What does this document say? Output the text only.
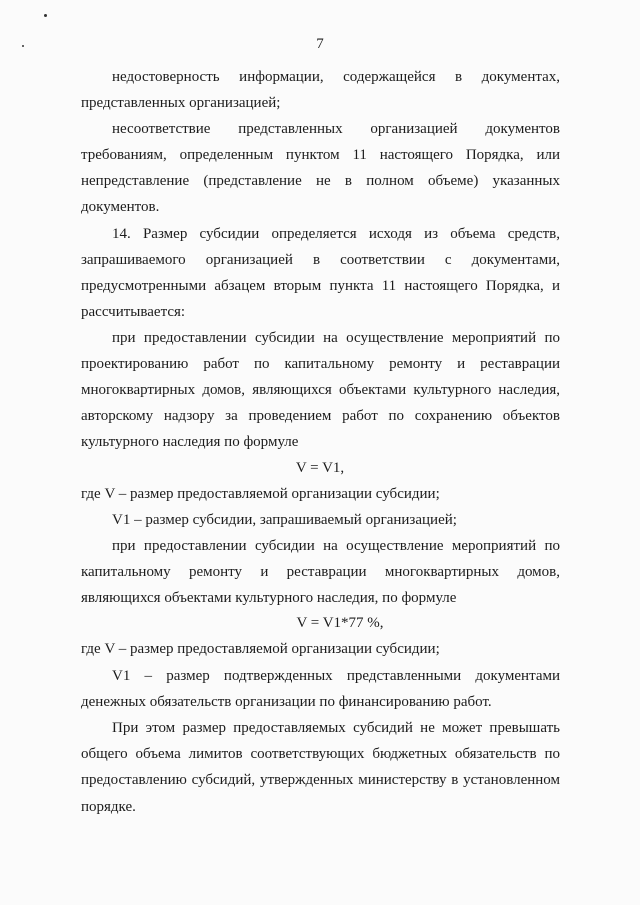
7
недостоверность информации, содержащейся в документах,
представленных организацией;
несоответствие представленных организацией документов
требованиям, определенным пунктом 11 настоящего Порядка, или
непредставление (представление не в полном объеме) указанных
документов.
14. Размер субсидии определяется исходя из объема средств,
запрашиваемого организацией в соответствии с документами,
предусмотренными абзацем вторым пункта 11 настоящего Порядка, и
рассчитывается:
при предоставлении субсидии на осуществление мероприятий по
проектированию работ по капитальному ремонту и реставрации
многоквартирных домов, являющихся объектами культурного наследия,
авторскому надзору за проведением работ по сохранению объектов
культурного наследия по формуле
V = V1,
где V – размер предоставляемой организации субсидии;
V1 – размер субсидии, запрашиваемый организацией;
при предоставлении субсидии на осуществление мероприятий по
капитальному ремонту и реставрации многоквартирных домов,
являющихся объектами культурного наследия, по формуле
V = V1*77 %,
где V – размер предоставляемой организации субсидии;
V1 – размер подтвержденных представленными документами
денежных обязательств организации по финансированию работ.
При этом размер предоставляемых субсидий не может превышать
общего объема лимитов соответствующих бюджетных обязательств по
предоставлению субсидий, утвержденных министерству в установленном
порядке.
